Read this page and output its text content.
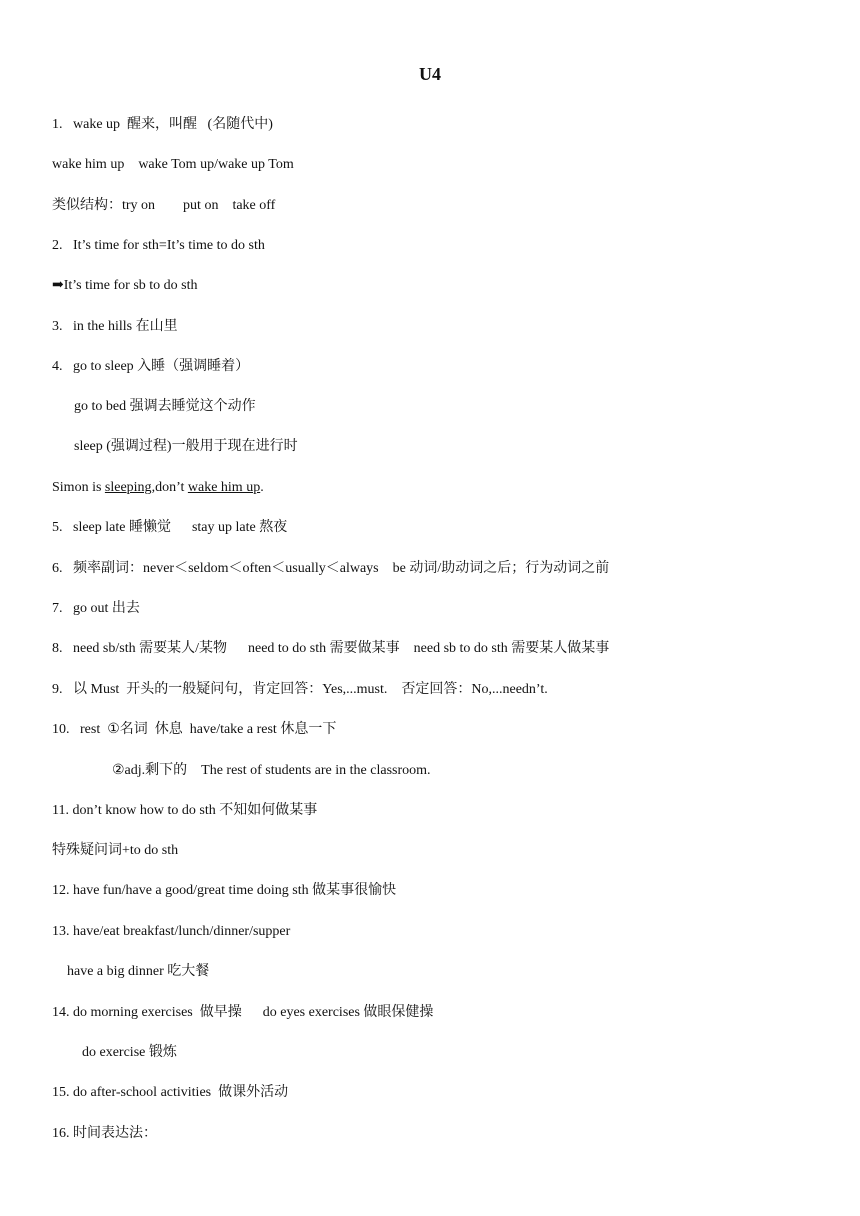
U4
1.   wake up  醒来，叫醒   (名随代中)
wake him up    wake Tom up/wake up Tom
类似结构：try on        put on    take off
2.   It’s time for sth=It’s time to do sth
➡It’s time for sb to do sth
3.   in the hills 在山里
4.   go to sleep 入睡（强调睡着）
go to bed 强调去睡觉这个动作
sleep (强调过程)一般用于现在进行时
Simon is sleeping,don’t wake him up.
5.   sleep late 睡懒觉      stay up late 熬夜
6.   频率副词：never＜seldom＜often＜usually＜always    be 动词/助动词之后；行为动词之前
7.   go out 出去
8.   need sb/sth 需要某人/某物      need to do sth 需要做某事    need sb to do sth 需要某人做某事
9.   以 Must  开头的一般疑问句，肯定回答：Yes,...must.    否定回答：No,...needn’t.
10.   rest  ①名词  休息  have/take a rest 休息一下
②adj.剩下的    The rest of students are in the classroom.
11. don’t know how to do sth 不知如何做某事
特殊疑问词+to do sth
12. have fun/have a good/great time doing sth 做某事很愉快
13. have/eat breakfast/lunch/dinner/supper
have a big dinner 吃大餐
14. do morning exercises  做早操      do eyes exercises 做眼保健操
do exercise 锻炼
15. do after-school activities  做课外活动
16. 时间表达法：
